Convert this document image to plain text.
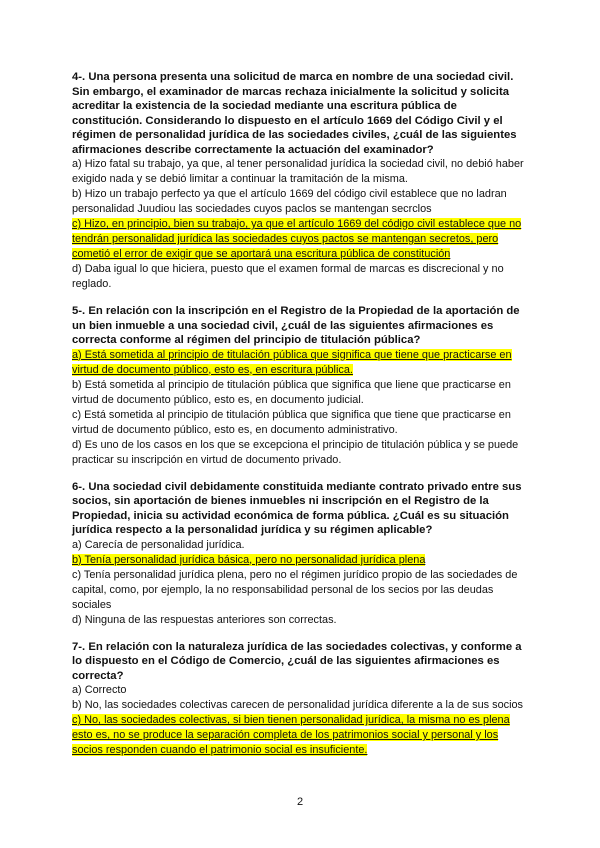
4-. Una persona presenta una solicitud de marca en nombre de una sociedad civil. Sin embargo, el examinador de marcas rechaza inicialmente la solicitud y solicita acreditar la existencia de la sociedad mediante una escritura pública de constitución. Considerando lo dispuesto en el artículo 1669 del Código Civil y el régimen de personalidad jurídica de las sociedades civiles, ¿cuál de las siguientes afirmaciones describe correctamente la actuación del examinador?
a) Hizo fatal su trabajo, ya que, al tener personalidad jurídica la sociedad civil, no debió haber exigido nada y se debió limitar a continuar la tramitación de la misma.
b) Hizo un trabajo perfecto ya que el artículo 1669 del código civil establece que no ladran personalidad Juudiou las sociedades cuyos paclos se mantengan secrclos
c) Hizo, en principio, bien su trabajo, ya que el artículo 1669 del código civil establece que no tendrán personalidad jurídica las sociedades cuyos pactos se mantengan secretos, pero cometió el error de exigir que se aportará una escritura pública de constitución
d) Daba igual lo que hiciera, puesto que el examen formal de marcas es discrecional y no reglado.
5-. En relación con la inscripción en el Registro de la Propiedad de la aportación de un bien inmueble a una sociedad civil, ¿cuál de las siguientes afirmaciones es correcta conforme al régimen del principio de titulación pública?
a) Está sometida al principio de titulación pública que significa que tiene que practicarse en virtud de documento público, esto es, en escritura pública.
b) Está sometida al principio de titulación pública que significa que liene que practicarse en virtud de documento público, esto es, en documento judicial.
c) Está sometida al principio de titulación pública que significa que tiene que practicarse en virtud de documento público, esto es, en documento administrativo.
d) Es uno de los casos en los que se excepciona el principio de titulación pública y se puede practicar su inscripción en virtud de documento privado.
6-. Una sociedad civil debidamente constituida mediante contrato privado entre sus socios, sin aportación de bienes inmuebles ni inscripción en el Registro de la Propiedad, inicia su actividad económica de forma pública. ¿Cuál es su situación jurídica respecto a la personalidad jurídica y su régimen aplicable?
a) Carecía de personalidad jurídica.
b) Tenía personalidad jurídica básica, pero no personalidad jurídica plena
c) Tenía personalidad jurídica plena, pero no el régimen jurídico propio de las sociedades de capital, como, por ejemplo, la no responsabilidad personal de los secios por las deudas sociales
d) Ninguna de las respuestas anteriores son correctas.
7-. En relación con la naturaleza jurídica de las sociedades colectivas, y conforme a lo dispuesto en el Código de Comercio, ¿cuál de las siguientes afirmaciones es correcta?
a) Correcto
b) No, las sociedades colectivas carecen de personalidad jurídica diferente a la de sus socios
c) No, las sociedades colectivas, si bien tienen personalidad jurídica, la misma no es plena esto es, no se produce la separación completa de los patrimonios social y personal y los socios responden cuando el patrimonio social es insuficiente.
2
